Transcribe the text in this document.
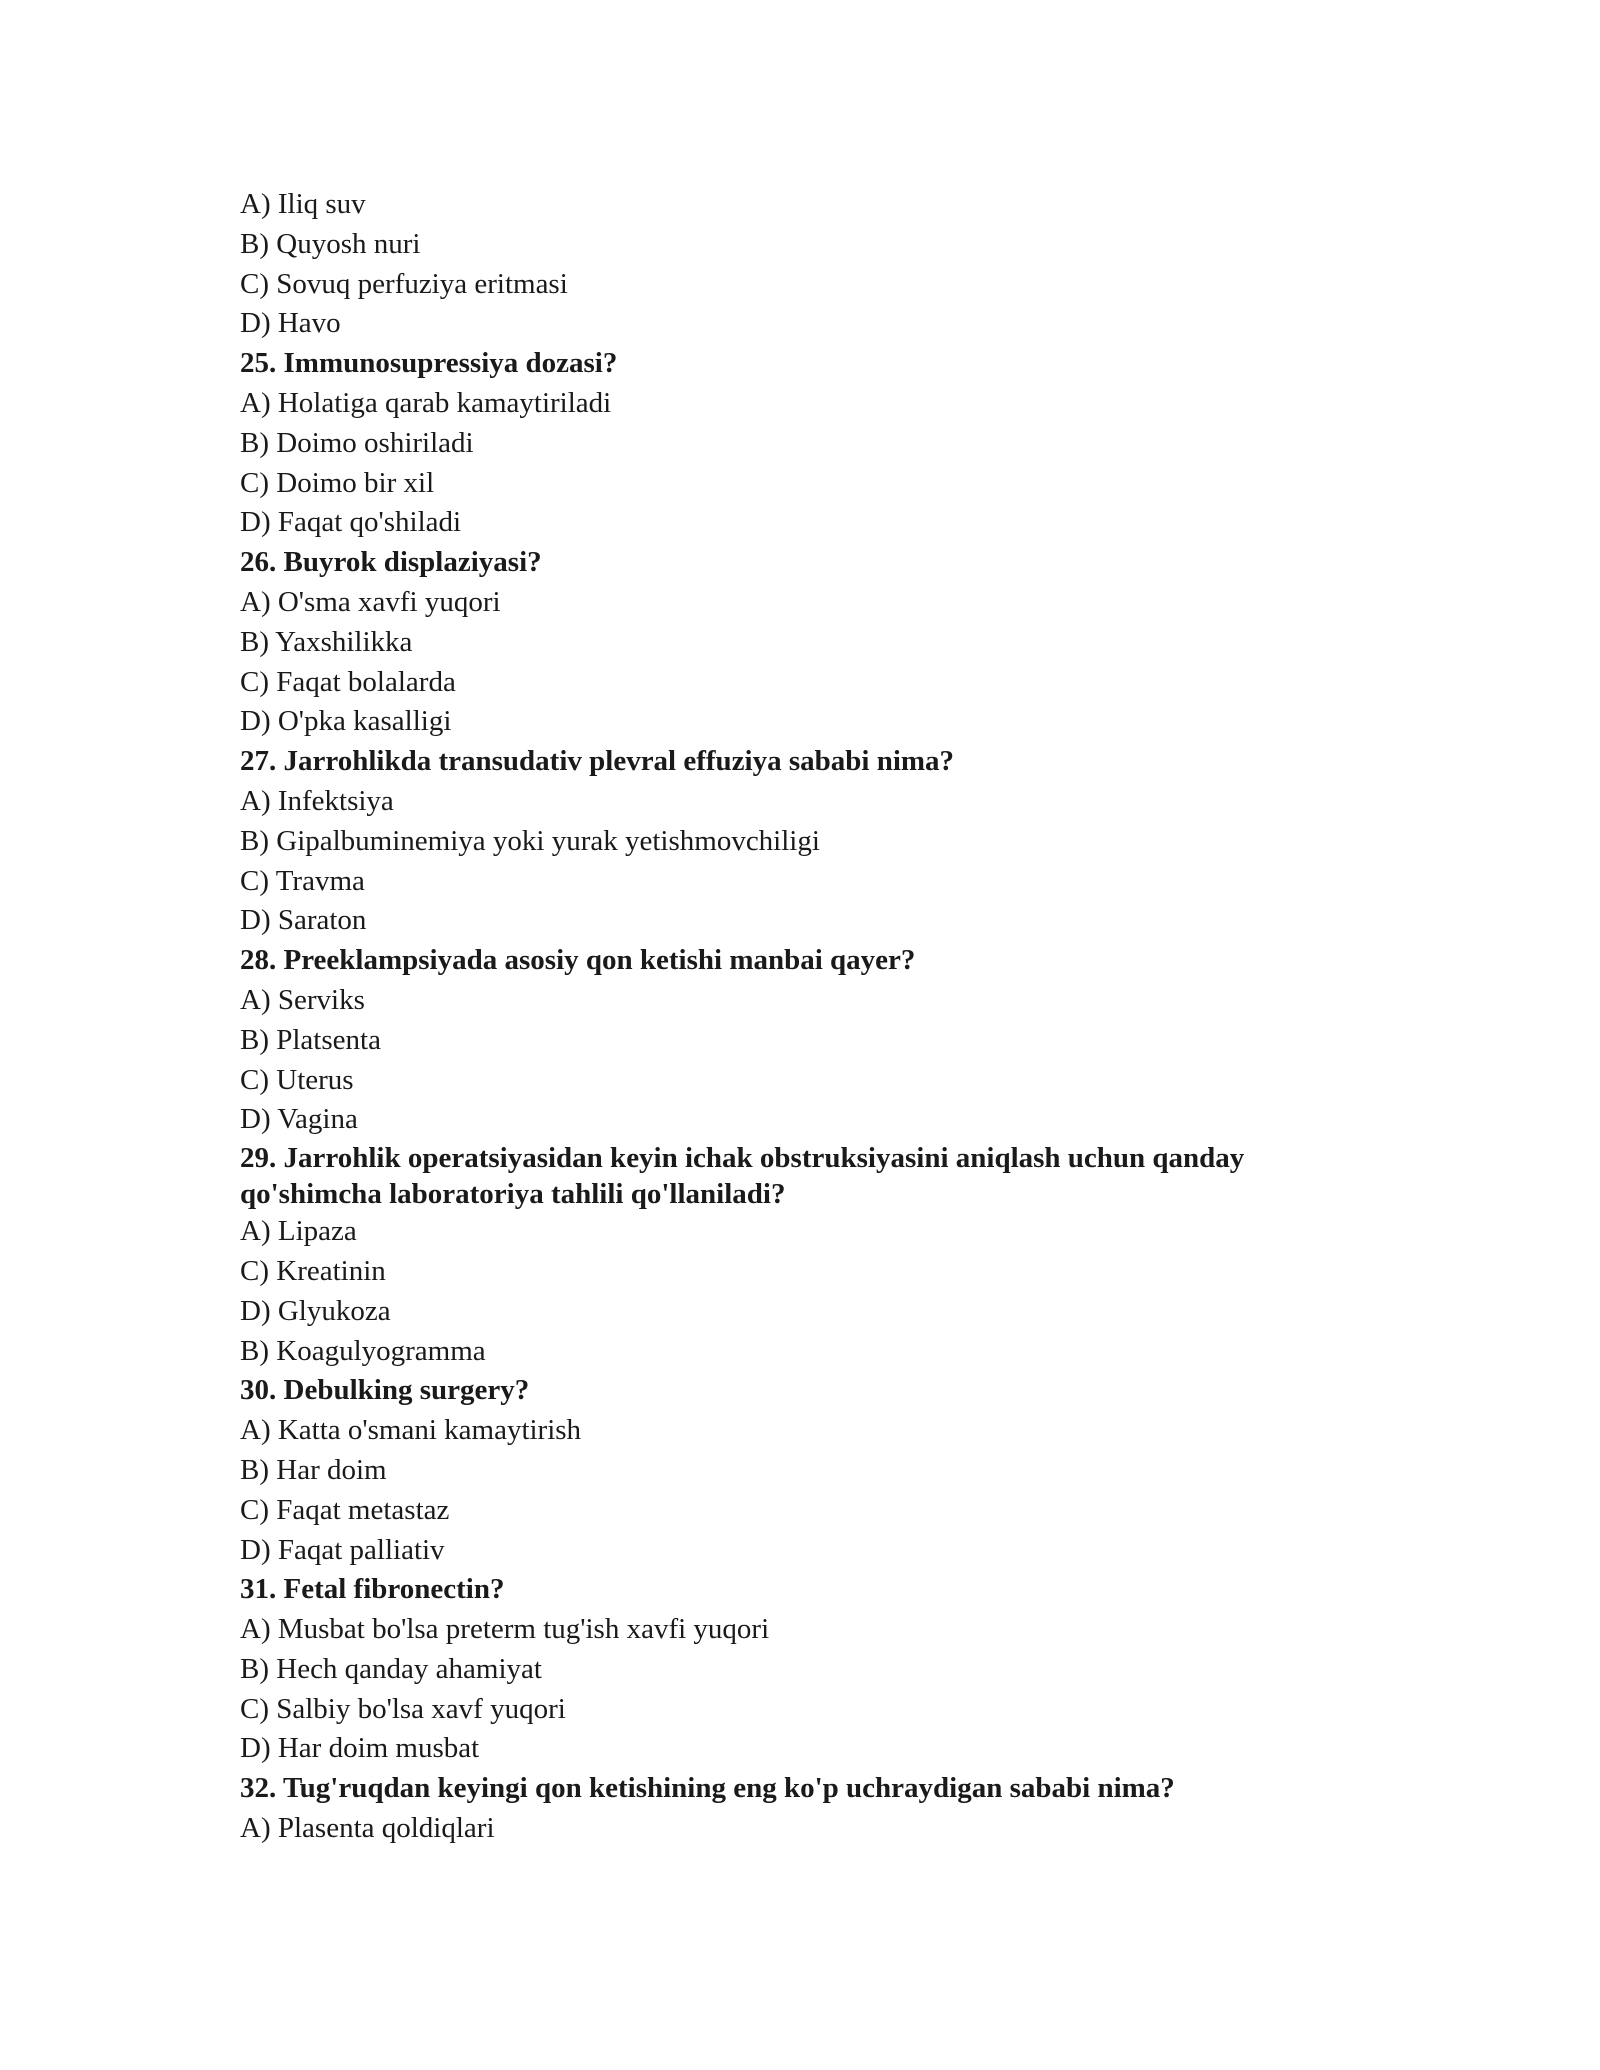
A) Iliq suv
B) Quyosh nuri
C) Sovuq perfuziya eritmasi
D) Havo
25. Immunosupressiya dozasi?
A) Holatiga qarab kamaytiriladi
B) Doimo oshiriladi
C) Doimo bir xil
D) Faqat qo'shiladi
26. Buyrok displaziyasi?
A) O'sma xavfi yuqori
B) Yaxshilikka
C) Faqat bolalarda
D) O'pka kasalligi
27. Jarrohlikda transudativ plevral effuziya sababi nima?
A) Infektsiya
B) Gipalbuminemiya yoki yurak yetishmovchiligi
C) Travma
D) Saraton
28. Preeklampsiyada asosiy qon ketishi manbai qayer?
A) Serviks
B) Platsenta
C) Uterus
D) Vagina
29. Jarrohlik operatsiyasidan keyin ichak obstruksiyasini aniqlash uchun qanday qo'shimcha laboratoriya tahlili qo'llaniladi?
A) Lipaza
C) Kreatinin
D) Glyukoza
B) Koagulyogramma
30. Debulking surgery?
A) Katta o'smani kamaytirish
B) Har doim
C) Faqat metastaz
D) Faqat palliativ
31. Fetal fibronectin?
A) Musbat bo'lsa preterm tug'ish xavfi yuqori
B) Hech qanday ahamiyat
C) Salbiy bo'lsa xavf yuqori
D) Har doim musbat
32. Tug'ruqdan keyingi qon ketishining eng ko'p uchraydigan sababi nima?
A) Plasenta qoldiqlari
